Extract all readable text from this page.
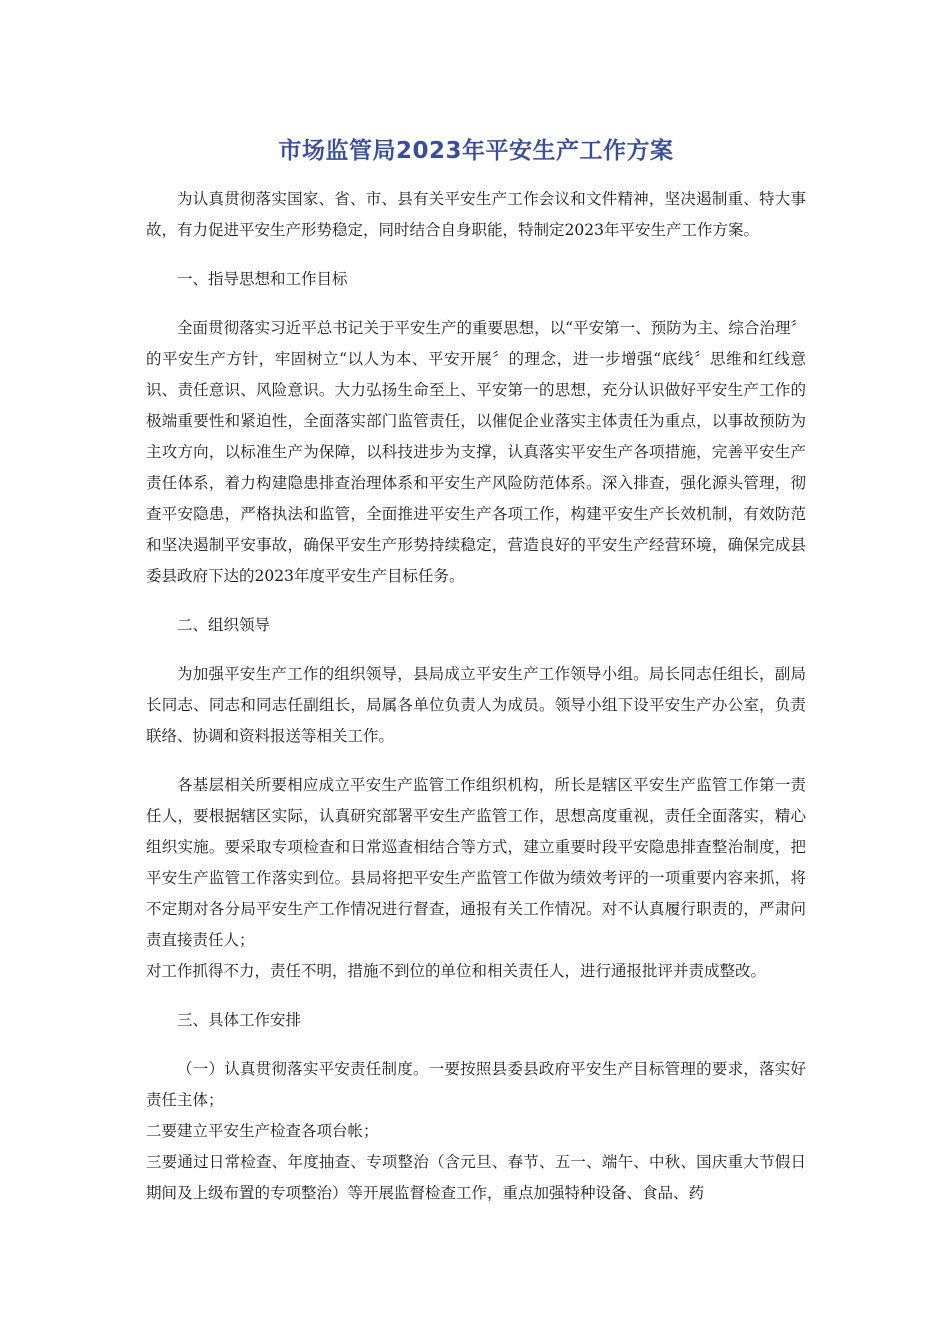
市场监管局2023年平安生产工作方案

为认真贯彻落实国家、省、市、县有关平安生产工作会议和文件精神，坚决遏制重、特大事故，有力促进平安生产形势稳定，同时结合自身职能，特制定2023年平安生产工作方案。

一、指导思想和工作目标

全面贯彻落实习近平总书记关于平安生产的重要思想，以“平安第一、预防为主、综合治理〞的平安生产方针，牢固树立“以人为本、平安开展〞的理念，进一步增强“底线〞思维和红线意识、责任意识、风险意识。大力弘扬生命至上、平安第一的思想，充分认识做好平安生产工作的极端重要性和紧迫性，全面落实部门监管责任，以催促企业落实主体责任为重点，以事故预防为主攻方向，以标准生产为保障，以科技进步为支撑，认真落实平安生产各项措施，完善平安生产责任体系，着力构建隐患排查治理体系和平安生产风险防范体系。深入排查，强化源头管理，彻查平安隐患，严格执法和监管，全面推进平安生产各项工作，构建平安生产长效机制，有效防范和坚决遏制平安事故，确保平安生产形势持续稳定，营造良好的平安生产经营环境，确保完成县委县政府下达的2023年度平安生产目标任务。

二、组织领导

为加强平安生产工作的组织领导，县局成立平安生产工作领导小组。局长同志任组长，副局长同志、同志和同志任副组长，局属各单位负责人为成员。领导小组下设平安生产办公室，负责联络、协调和资料报送等相关工作。

各基层相关所要相应成立平安生产监管工作组织机构，所长是辖区平安生产监管工作第一责任人，要根据辖区实际，认真研究部署平安生产监管工作，思想高度重视，责任全面落实，精心组织实施。要采取专项检查和日常巡查相结合等方式，建立重要时段平安隐患排查整治制度，把平安生产监管工作落实到位。县局将把平安生产监管工作做为绩效考评的一项重要内容来抓，将不定期对各分局平安生产工作情况进行督查，通报有关工作情况。对不认真履行职责的，严肃问责直接责任人；

对工作抓得不力，责任不明，措施不到位的单位和相关责任人，进行通报批评并责成整改。

三、具体工作安排

（一）认真贯彻落实平安责任制度。一要按照县委县政府平安生产目标管理的要求，落实好责任主体；

二要建立平安生产检查各项台帐；

三要通过日常检查、年度抽查、专项整治（含元旦、春节、五一、端午、中秋、国庆重大节假日期间及上级布置的专项整治）等开展监督检查工作，重点加强特种设备、食品、药
